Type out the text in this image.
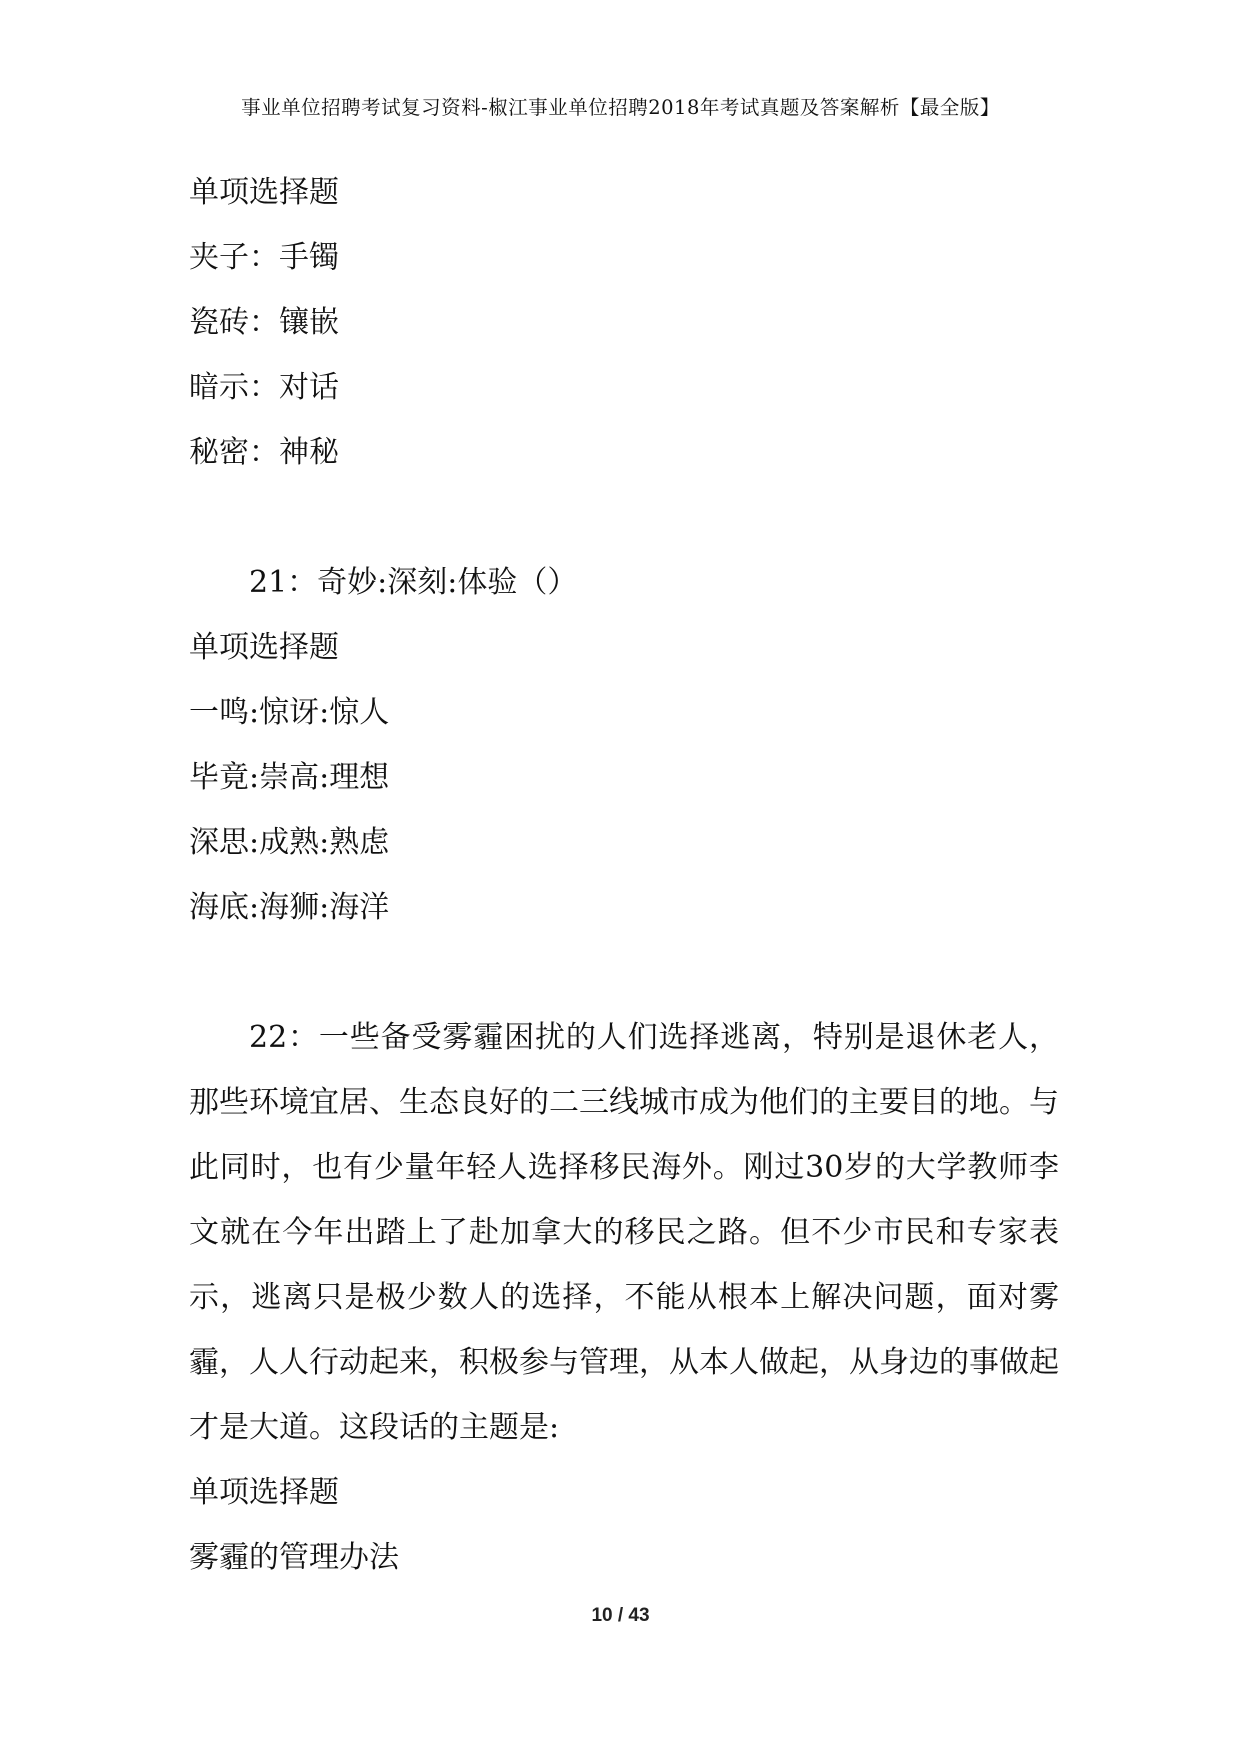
事业单位招聘考试复习资料-椒江事业单位招聘2018年考试真题及答案解析【最全版】
单项选择题
夹子：手镯
瓷砖：镶嵌
暗示：对话
秘密：神秘
21：奇妙:深刻:体验（）
单项选择题
一鸣:惊讶:惊人
毕竟:崇高:理想
深思:成熟:熟虑
海底:海狮:海洋
22：一些备受雾霾困扰的人们选择逃离，特别是退休老人，那些环境宜居、生态良好的二三线城市成为他们的主要目的地。与此同时，也有少量年轻人选择移民海外。刚过30岁的大学教师李文就在今年出踏上了赴加拿大的移民之路。但不少市民和专家表示，逃离只是极少数人的选择，不能从根本上解决问题，面对雾霾，人人行动起来，积极参与管理，从本人做起，从身边的事做起才是大道。这段话的主题是:
单项选择题
雾霾的管理办法
10 / 43
